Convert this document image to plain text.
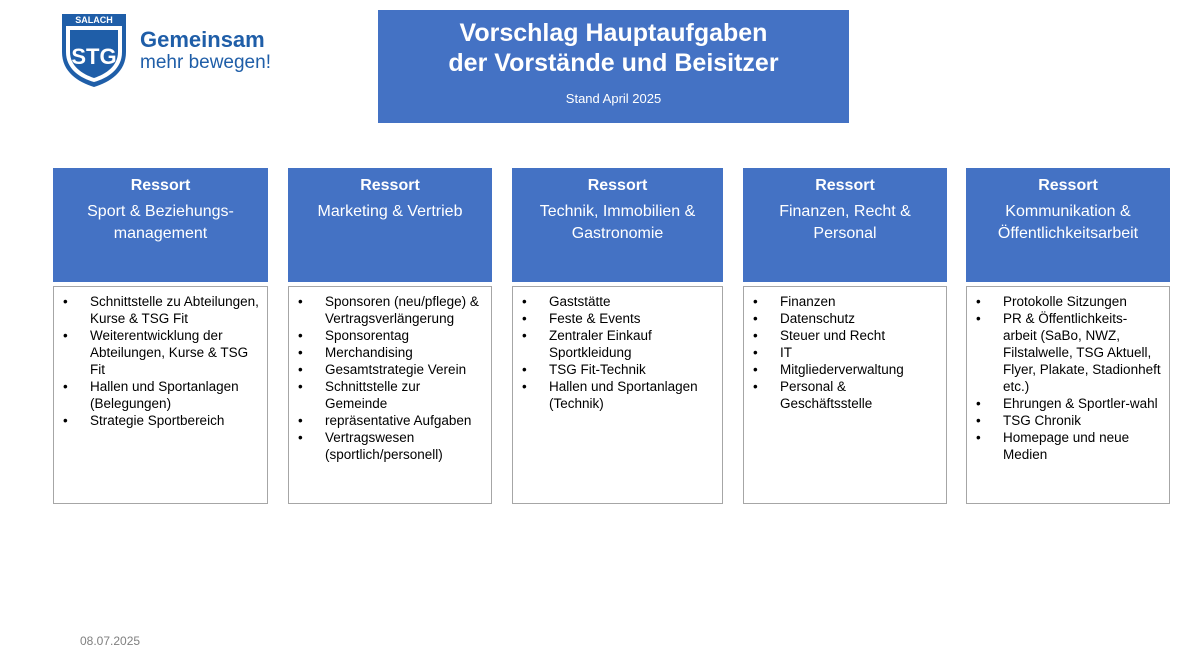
SALACH
STG
Gemeinsam
mehr bewegen!
Vorschlag Hauptaufgaben
der Vorstände und Beisitzer
Stand April 2025
Ressort
Sport & Beziehungs-management
• Schnittstelle zu Abteilungen, Kurse & TSG Fit
• Weiterentwicklung der Abteilungen, Kurse & TSG Fit
• Hallen und Sportanlagen (Belegungen)
• Strategie Sportbereich
Ressort
Marketing & Vertrieb
• Sponsoren (neu/pflege) & Vertragsverlängerung
• Sponsorentag
• Merchandising
• Gesamtstrategie Verein
• Schnittstelle zur Gemeinde
• repräsentative Aufgaben
• Vertragswesen (sportlich/personell)
Ressort
Technik, Immobilien & Gastronomie
• Gaststätte
• Feste & Events
• Zentraler Einkauf Sportkleidung
• TSG Fit-Technik
• Hallen und Sportanlagen (Technik)
Ressort
Finanzen, Recht & Personal
• Finanzen
• Datenschutz
• Steuer und Recht
• IT
• Mitgliederverwaltung
• Personal & Geschäftsstelle
Ressort
Kommunikation & Öffentlichkeitsarbeit
• Protokolle Sitzungen
• PR & Öffentlichkeits-arbeit (SaBo, NWZ, Filstalwelle, TSG Aktuell, Flyer, Plakate, Stadionheft etc.)
• Ehrungen & Sportler-wahl
• TSG Chronik
• Homepage und neue Medien
08.07.2025
